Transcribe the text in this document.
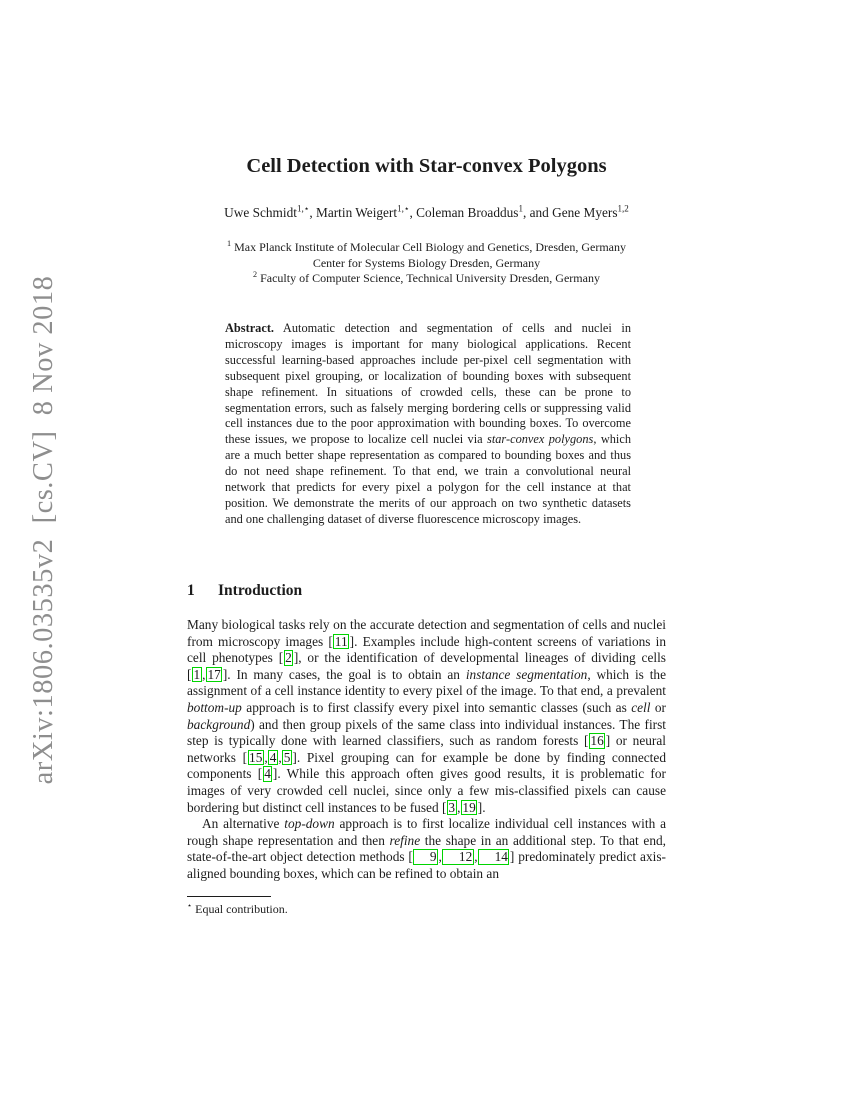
arXiv:1806.03535v2  [cs.CV]  8 Nov 2018
Cell Detection with Star-convex Polygons
Uwe Schmidt$^{1,⋆}$, Martin Weigert$^{1,⋆}$, Coleman Broaddus$^1$, and Gene Myers$^{1,2}$
$^1$ Max Planck Institute of Molecular Cell Biology and Genetics, Dresden, Germany
Center for Systems Biology Dresden, Germany
$^2$ Faculty of Computer Science, Technical University Dresden, Germany
Abstract. Automatic detection and segmentation of cells and nuclei in microscopy images is important for many biological applications. Recent successful learning-based approaches include per-pixel cell segmentation with subsequent pixel grouping, or localization of bounding boxes with subsequent shape refinement. In situations of crowded cells, these can be prone to segmentation errors, such as falsely merging bordering cells or suppressing valid cell instances due to the poor approximation with bounding boxes. To overcome these issues, we propose to localize cell nuclei via star-convex polygons, which are a much better shape representation as compared to bounding boxes and thus do not need shape refinement. To that end, we train a convolutional neural network that predicts for every pixel a polygon for the cell instance at that position. We demonstrate the merits of our approach on two synthetic datasets and one challenging dataset of diverse fluorescence microscopy images.
1 Introduction

Many biological tasks rely on the accurate detection and segmentation of cells and nuclei from microscopy images [ 11 ]. Examples include high-content screens of variations in cell phenotypes [ 2 ], or the identification of developmental lineages of dividing cells [ 1 , 17 ]. In many cases, the goal is to obtain an instance segmentation, which is the assignment of a cell instance identity to every pixel of the image. To that end, a prevalent bottom-up approach is to first classify every pixel into semantic classes (such as cell or background) and then group pixels of the same class into individual instances. The first step is typically done with learned classifiers, such as random forests [ 16 ] or neural networks [ 15 , 4 , 5 ]. Pixel grouping can for example be done by finding connected components [ 4 ]. While this approach often gives good results, it is problematic for images of very crowded cell nuclei, since only a few mis-classified pixels can cause bordering but distinct cell instances to be fused [ 3 , 19 ].

An alternative top-down approach is to first localize individual cell instances with a rough shape representation and then refine the shape in an additional step. To that end, state-of-the-art object detection methods [ 9 , 12 , 14 ] predominately predict axis-aligned bounding boxes, which can be refined to obtain an

⋆ Equal contribution.
